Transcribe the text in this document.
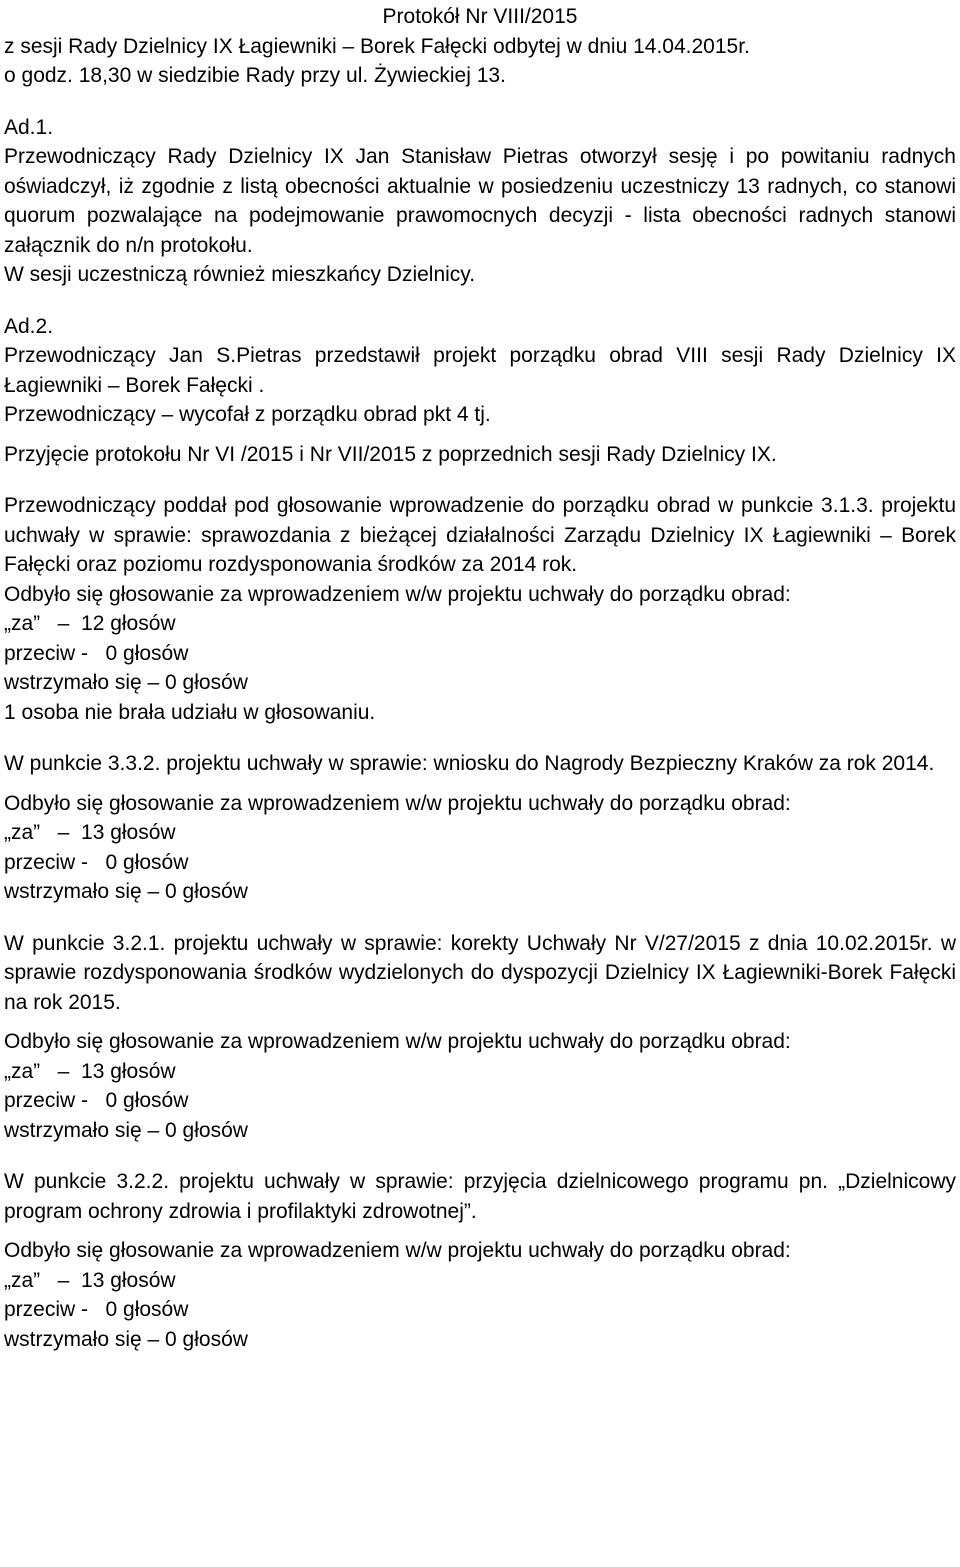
Protokół Nr VIII/2015

z sesji Rady Dzielnicy IX Łagiewniki – Borek Fałęcki odbytej w dniu 14.04.2015r.

o godz. 18,30 w siedzibie Rady przy ul. Żywieckiej 13.

Ad.1.

Przewodniczący Rady Dzielnicy IX Jan Stanisław Pietras otworzył sesję i po powitaniu radnych oświadczył, iż zgodnie z listą obecności aktualnie w posiedzeniu uczestniczy 13 radnych, co stanowi quorum pozwalające na podejmowanie prawomocnych decyzji - lista obecności radnych stanowi załącznik do n/n protokołu.

W sesji uczestniczą również mieszkańcy Dzielnicy.

Ad.2.

Przewodniczący Jan S.Pietras przedstawił projekt porządku obrad VIII sesji Rady Dzielnicy IX Łagiewniki – Borek Fałęcki .

Przewodniczący – wycofał z porządku obrad pkt 4 tj.

Przyjęcie protokołu Nr VI /2015 i Nr VII/2015 z poprzednich sesji Rady Dzielnicy IX.

Przewodniczący poddał pod głosowanie wprowadzenie do porządku obrad w punkcie 3.1.3. projektu uchwały w sprawie: sprawozdania z bieżącej działalności Zarządu Dzielnicy IX Łagiewniki – Borek Fałęcki oraz poziomu rozdysponowania środków za 2014 rok.

Odbyło się głosowanie za wprowadzeniem w/w projektu uchwały do porządku obrad:

„za”   –  12 głosów

przeciw -   0 głosów

wstrzymało się – 0 głosów

1 osoba nie brała udziału w głosowaniu.

W punkcie 3.3.2. projektu uchwały w sprawie: wniosku do Nagrody Bezpieczny Kraków za rok 2014.

Odbyło się głosowanie za wprowadzeniem w/w projektu uchwały do porządku obrad:

„za”   –  13 głosów

przeciw -   0 głosów

wstrzymało się – 0 głosów

W punkcie 3.2.1. projektu uchwały w sprawie: korekty Uchwały Nr V/27/2015 z dnia 10.02.2015r. w sprawie rozdysponowania środków wydzielonych do dyspozycji Dzielnicy IX Łagiewniki-Borek Fałęcki na rok 2015.

Odbyło się głosowanie za wprowadzeniem w/w projektu uchwały do porządku obrad:

„za”   –  13 głosów

przeciw -   0 głosów

wstrzymało się – 0 głosów

W punkcie 3.2.2. projektu uchwały w sprawie: przyjęcia dzielnicowego programu pn. „Dzielnicowy program ochrony zdrowia i profilaktyki zdrowotnej”.

Odbyło się głosowanie za wprowadzeniem w/w projektu uchwały do porządku obrad:

„za”   –  13 głosów

przeciw -   0 głosów

wstrzymało się – 0 głosów
